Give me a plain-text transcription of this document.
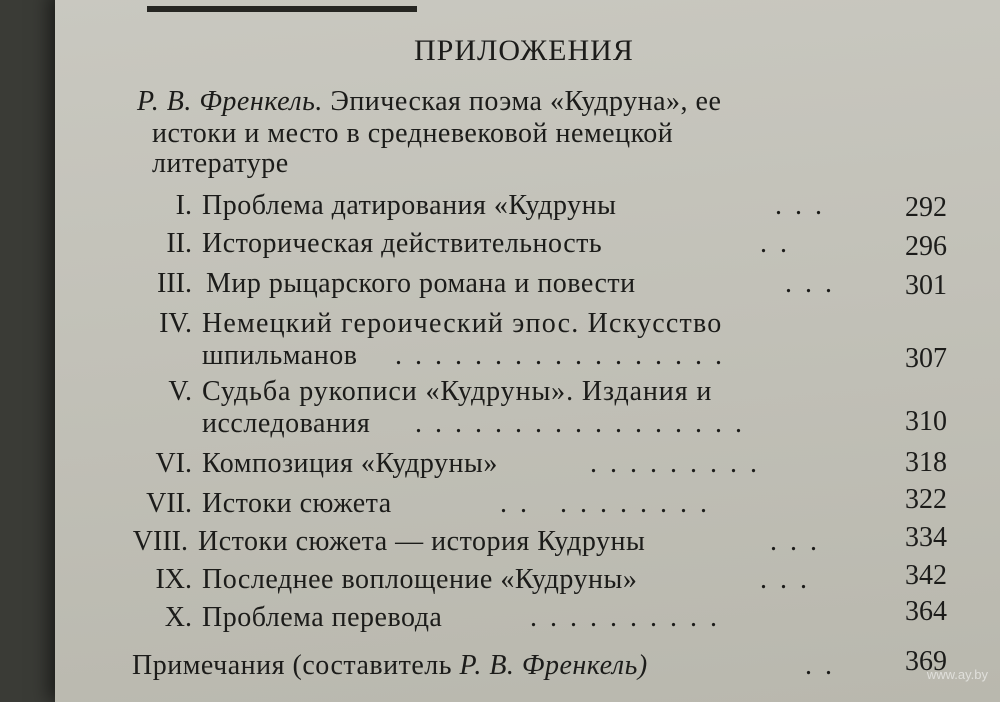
ПРИЛОЖЕНИЯ
Р. В. Френкель. Эпическая поэма «Кудруна», ее
истоки и место в средневековой немецкой
литературе
I. Проблема датирования «Кудруны	...	292
II. Историческая действительность	..	296
III. Мир рыцарского романа и повести	... 301
IV. Немецкий героический эпос. Искусство
шпильманов .................	307
V. Судьба рукописи «Кудруны». Издания и
исследования .................	310
VI. Композиция «Кудруны»	.........	318
VII. Истоки сюжета	.. ........	322
VIII. Истоки сюжета — история Кудруны	...	334
IX. Последнее воплощение «Кудруны»	...	342
X. Проблема перевода	..........	364
Примечания (составитель Р. В. Френкель)	.. 369
www.ay.by
